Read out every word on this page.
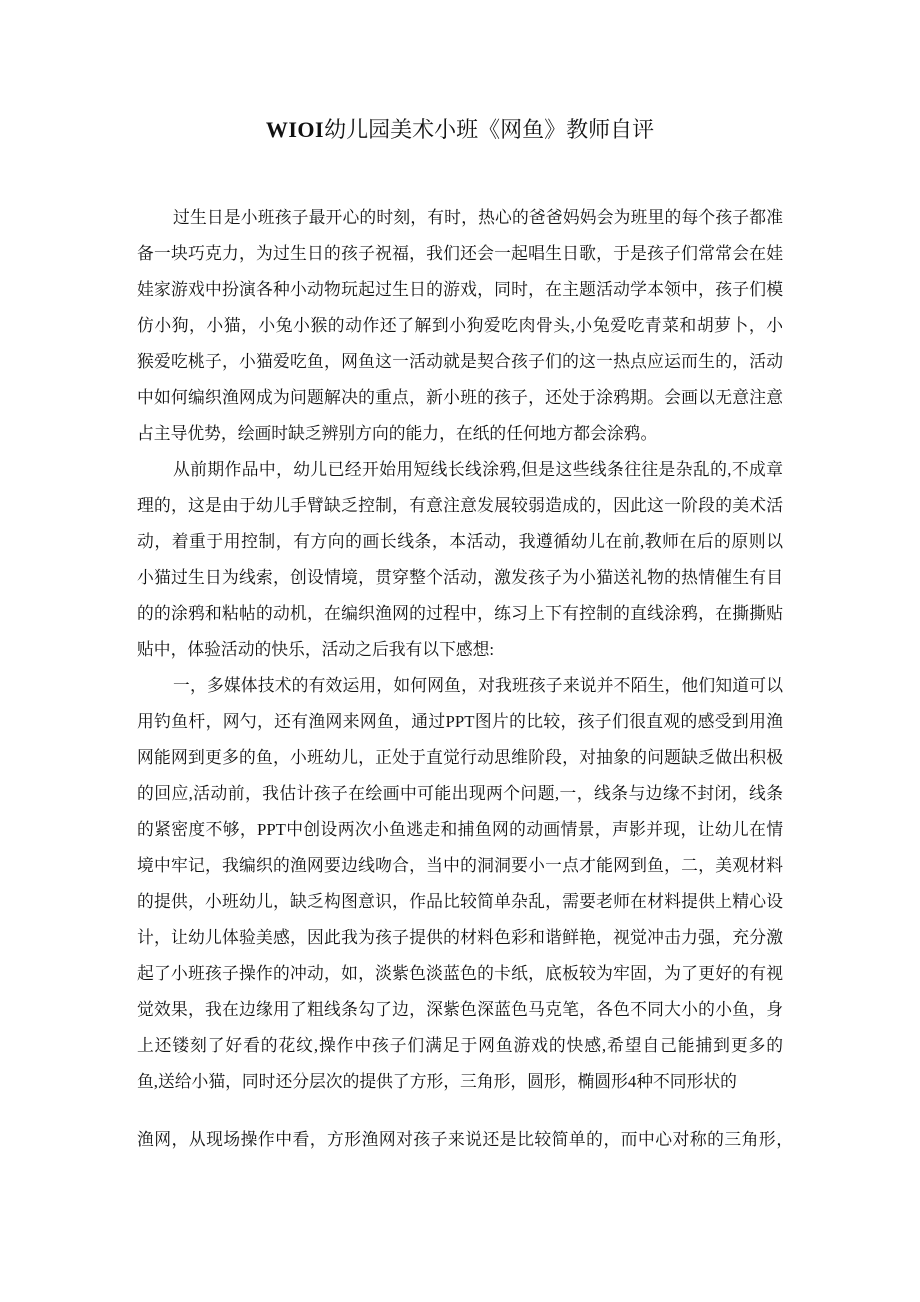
WIOI幼儿园美术小班《网鱼》教师自评
过生日是小班孩子最开心的时刻，有时，热心的爸爸妈妈会为班里的每个孩子都准
备一块巧克力，为过生日的孩子祝福，我们还会一起唱生日歌，于是孩子们常常会在娃
娃家游戏中扮演各种小动物玩起过生日的游戏，同时，在主题活动学本领中，孩子们模
仿小狗，小猫，小兔小猴的动作还了解到小狗爱吃肉骨头,小兔爱吃青菜和胡萝卜，小
猴爱吃桃子，小猫爱吃鱼，网鱼这一活动就是契合孩子们的这一热点应运而生的，活动
中如何编织渔网成为问题解决的重点，新小班的孩子，还处于涂鸦期。会画以无意注意
占主导优势，绘画时缺乏辨别方向的能力，在纸的任何地方都会涂鸦。
从前期作品中，幼儿已经开始用短线长线涂鸦,但是这些线条往往是杂乱的,不成章
理的，这是由于幼儿手臂缺乏控制，有意注意发展较弱造成的，因此这一阶段的美术活
动，着重于用控制，有方向的画长线条，本活动，我遵循幼儿在前,教师在后的原则以
小猫过生日为线索，创设情境，贯穿整个活动，激发孩子为小猫送礼物的热情催生有目
的的涂鸦和粘帖的动机，在编织渔网的过程中，练习上下有控制的直线涂鸦，在撕撕贴
贴中，体验活动的快乐，活动之后我有以下感想:
一，多媒体技术的有效运用，如何网鱼，对我班孩子来说并不陌生，他们知道可以
用钓鱼杆，网勺，还有渔网来网鱼，通过PPT图片的比较，孩子们很直观的感受到用渔
网能网到更多的鱼，小班幼儿，正处于直觉行动思维阶段，对抽象的问题缺乏做出积极
的回应,活动前，我估计孩子在绘画中可能出现两个问题,一，线条与边缘不封闭，线条
的紧密度不够，PPT中创设两次小鱼逃走和捕鱼网的动画情景，声影并现，让幼儿在情
境中牢记，我编织的渔网要边线吻合，当中的洞洞要小一点才能网到鱼，二，美观材料
的提供，小班幼儿，缺乏构图意识，作品比较简单杂乱，需要老师在材料提供上精心设
计，让幼儿体验美感，因此我为孩子提供的材料色彩和谐鲜艳，视觉冲击力强，充分激
起了小班孩子操作的冲动，如，淡紫色淡蓝色的卡纸，底板较为牢固，为了更好的有视
觉效果，我在边缘用了粗线条勾了边，深紫色深蓝色马克笔，各色不同大小的小鱼，身
上还镂刻了好看的花纹,操作中孩子们满足于网鱼游戏的快感,希望自己能捕到更多的
鱼,送给小猫，同时还分层次的提供了方形，三角形，圆形，椭圆形4种不同形状的
渔网，从现场操作中看，方形渔网对孩子来说还是比较简单的，而中心对称的三角形，
